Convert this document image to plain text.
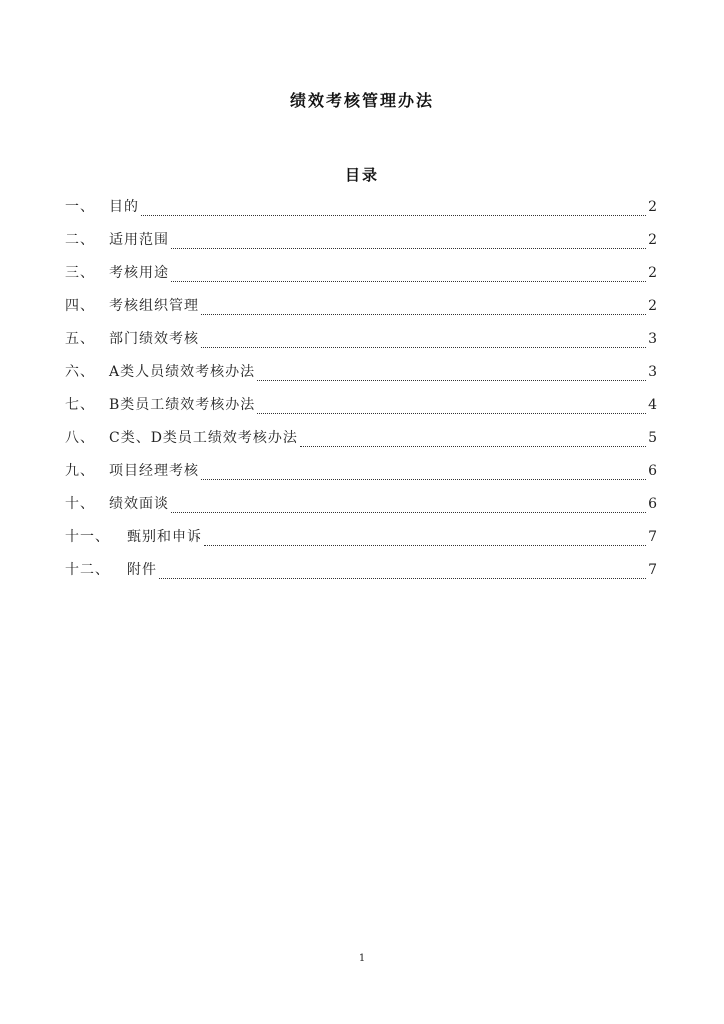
绩效考核管理办法
目录
一、	目的	2
二、	适用范围	2
三、	考核用途	2
四、	考核组织管理	2
五、	部门绩效考核	3
六、	A类人员绩效考核办法	3
七、	B类员工绩效考核办法	4
八、	C类、D类员工绩效考核办法	5
九、	项目经理考核	6
十、	绩效面谈	6
十一、	甄别和申诉	7
十二、	附件	7
1
